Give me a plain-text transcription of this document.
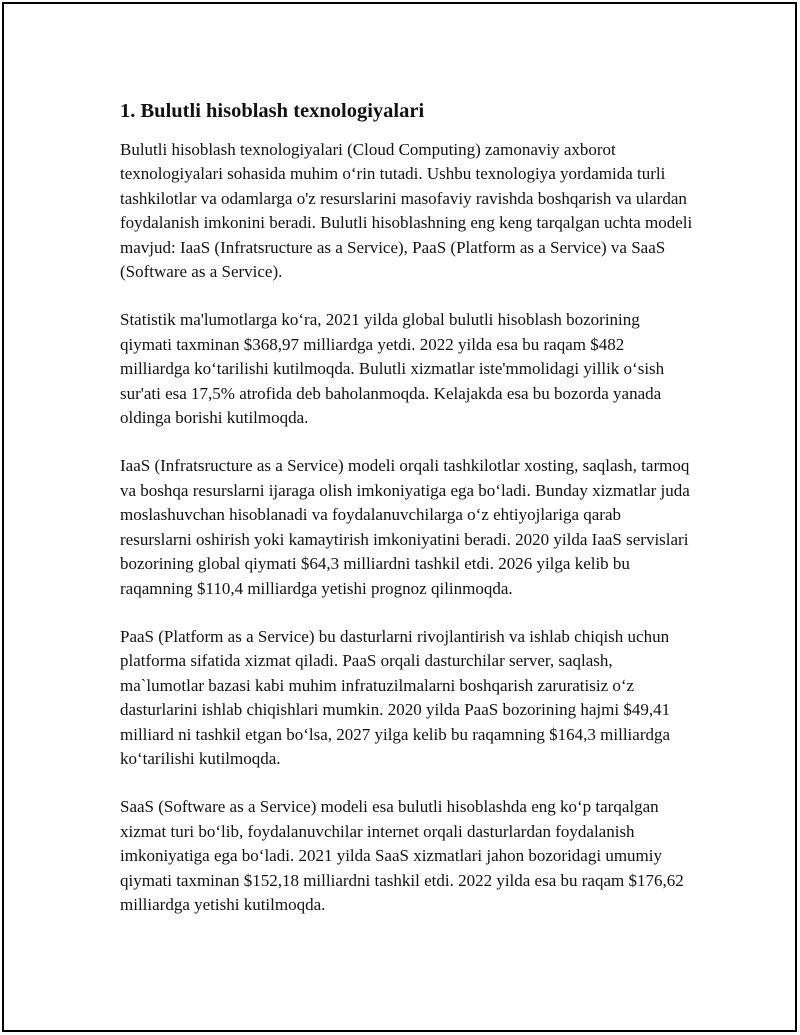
1. Bulutli hisoblash texnologiyalari

Bulutli hisoblash texnologiyalari (Cloud Computing) zamonaviy axborot texnologiyalari sohasida muhim o‘rin tutadi. Ushbu texnologiya yordamida turli tashkilotlar va odamlarga o'z resurslarini masofaviy ravishda boshqarish va ulardan foydalanish imkonini beradi. Bulutli hisoblashning eng keng tarqalgan uchta modeli mavjud: IaaS (Infratsructure as a Service), PaaS (Platform as a Service) va SaaS (Software as a Service).

Statistik ma'lumotlarga ko‘ra, 2021 yilda global bulutli hisoblash bozorining qiymati taxminan $368,97 milliardga yetdi. 2022 yilda esa bu raqam $482 milliardga ko‘tarilishi kutilmoqda. Bulutli xizmatlar iste'mmolidagi yillik o‘sish sur'ati esa 17,5% atrofida deb baholanmoqda. Kelajakda esa bu bozorda yanada oldinga borishi kutilmoqda.

IaaS (Infratsructure as a Service) modeli orqali tashkilotlar xosting, saqlash, tarmoq va boshqa resurslarni ijaraga olish imkoniyatiga ega bo‘ladi. Bunday xizmatlar juda moslashuvchan hisoblanadi va foydalanuvchilarga o‘z ehtiyojlariga qarab resurslarni oshirish yoki kamaytirish imkoniyatini beradi. 2020 yilda IaaS servislari bozorining global qiymati $64,3 milliardni tashkil etdi. 2026 yilga kelib bu raqamning $110,4 milliardga yetishi prognoz qilinmoqda.

PaaS (Platform as a Service) bu dasturlarni rivojlantirish va ishlab chiqish uchun platforma sifatida xizmat qiladi. PaaS orqali dasturchilar server, saqlash, ma`lumotlar bazasi kabi muhim infratuzilmalarni boshqarish zaruratisiz o‘z dasturlarini ishlab chiqishlari mumkin. 2020 yilda PaaS bozorining hajmi $49,41 milliard ni tashkil etgan bo‘lsa, 2027 yilga kelib bu raqamning $164,3 milliardga ko‘tarilishi kutilmoqda.

SaaS (Software as a Service) modeli esa bulutli hisoblashda eng ko‘p tarqalgan xizmat turi bo‘lib, foydalanuvchilar internet orqali dasturlardan foydalanish imkoniyatiga ega bo‘ladi. 2021 yilda SaaS xizmatlari jahon bozoridagi umumiy qiymati taxminan $152,18 milliardni tashkil etdi. 2022 yilda esa bu raqam $176,62 milliardga yetishi kutilmoqda.
